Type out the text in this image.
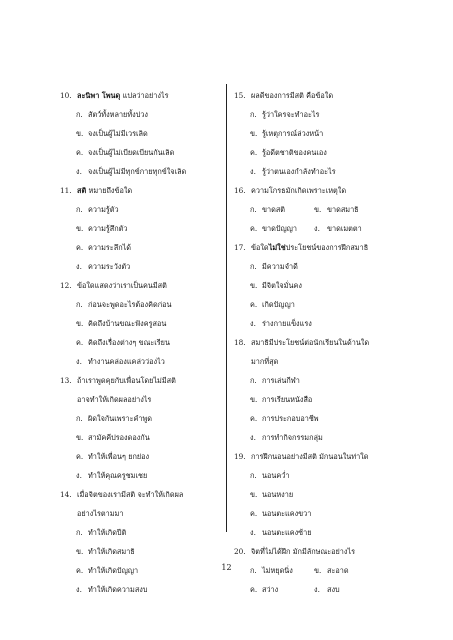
10. ละนิพา โพนดุ แปลว่าอย่างไร
ก. สัตว์ทั้งหลายทั้งปวง
ข. จงเป็นผู้ไม่มีเวรเลิด
ค. จงเป็นผู้ไม่เบียดเบียนกันเลิด
ง. จงเป็นผู้ไม่มีทุกข์กายทุกข์ใจเลิด
11. สติ หมายถึงข้อใด
ก. ความรู้ตัว
ข. ความรู้สึกตัว
ค. ความระลึกได้
ง. ความระวังตัว
12. ข้อใดแสดงว่าเราเป็นคนมีสติ
ก. ก่อนจะพูดอะไรต้องคิดก่อน
ข. คิดถึงบ้านขณะฟังครูสอน
ค. คิดถึงเรื่องต่างๆ ขณะเรียน
ง. ทำงานคล่องแคล่วว่องไว
13. ถ้าเราพูดคุยกับเพื่อนโดยไม่มีสติ
อาจทำให้เกิดผลอย่างไร
ก. ผิดใจกันเพราะคำพูด
ข. สามัคคีปรองดองกัน
ค. ทำให้เพื่อนๆ ยกย่อง
ง. ทำให้คุณครูชมเชย
14. เมื่อจิตของเรามีสติ จะทำให้เกิดผล
อย่างไรตามมา
ก. ทำให้เกิดปีติ
ข. ทำให้เกิดสมาธิ
ค. ทำให้เกิดปัญญา
ง. ทำให้เกิดความสงบ
15. ผลดีของการมีสติ คือข้อใด
ก. รู้ว่าใครจะทำอะไร
ข. รู้เหตุการณ์ล่วงหน้า
ค. รู้อดีตชาติของคนเอง
ง. รู้ว่าตนเองกำลังทำอะไร
16. ความโกรธมักเกิดเพราะเหตุใด
ก. ขาดสติ	ข. ขาดสมาธิ
ค. ขาดปัญญา ง. ขาดเมตตา
17. ข้อใดไม่ใช่ประโยชน์ของการฝึกสมาธิ
ก. มีความจำดี
ข. มีจิตใจมั่นคง
ค. เกิดปัญญา
ง. ร่างกายแข็งแรง
18. สมาธิมีประโยชน์ต่อนักเรียนในด้านใด
มากที่สุด
ก. การเล่นกีฬา
ข. การเรียนหนังสือ
ค. การประกอบอาชีพ
ง. การทำกิจกรรมกลุ่ม
19. การฝึกนอนอย่างมีสติ มักนอนในท่าใด
ก. นอนคว่ำ
ข. นอนหงาย
ค. นอนตะแคงขวา
ง. นอนตะแคงซ้าย
20. จิตที่ไม่ได้ฝึก มักมีลักษณะอย่างไร
ก. ไม่หยุดนิ่ง	ข. สะอาด
ค. สว่าง	ง. สงบ
12
